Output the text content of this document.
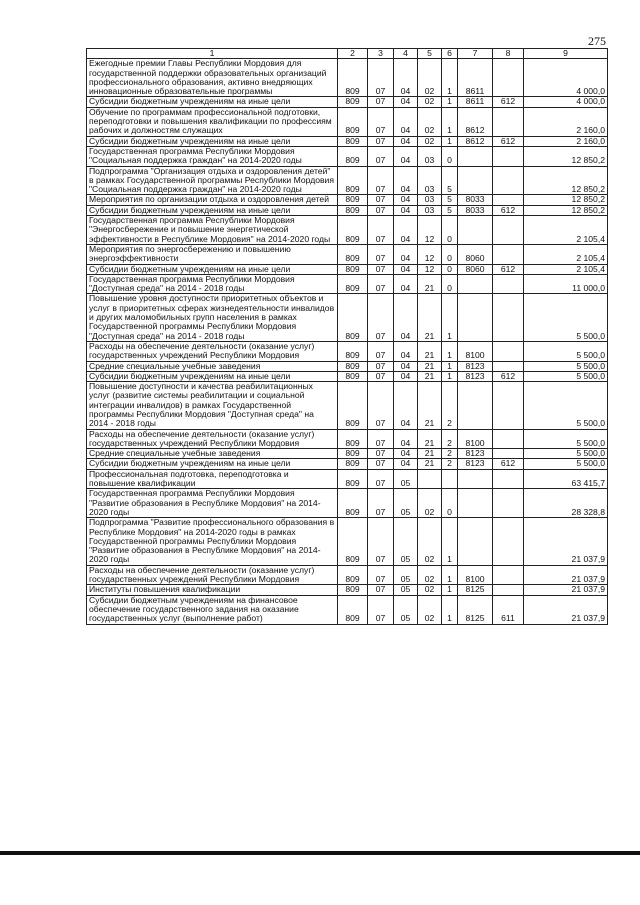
275
1	2	3	4	5	6	7	8	9
Ежегодные премии Главы Республики Мордовия для государственной поддержки образовательных организаций профессионального образования, активно внедряющих инновационные образовательные программы	809	07	04	02	1	8611		4 000,0
Субсидии бюджетным учреждениям на иные цели	809	07	04	02	1	8611	612	4 000,0
Обучение по программам профессиональной подготовки, переподготовки и повышения квалификации по профессиям рабочих и должностям служащих	809	07	04	02	1	8612		2 160,0
Субсидии бюджетным учреждениям на иные цели	809	07	04	02	1	8612	612	2 160,0
Государственная программа Республики Мордовия "Социальная поддержка граждан" на 2014-2020 годы	809	07	04	03	0			12 850,2
Подпрограмма "Организация отдыха и оздоровления детей" в рамках Государственной программы Республики Мордовия "Социальная поддержка граждан" на 2014-2020 годы	809	07	04	03	5			12 850,2
Мероприятия по организации отдыха и оздоровления детей	809	07	04	03	5	8033		12 850,2
Субсидии бюджетным учреждениям на иные цели	809	07	04	03	5	8033	612	12 850,2
Государственная программа Республики Мордовия "Энергосбережение и повышение энергетической эффективности в Республике Мордовия" на 2014-2020 годы	809	07	04	12	0			2 105,4
Мероприятия по энергосбережению и повышению энергоэффективности	809	07	04	12	0	8060		2 105,4
Субсидии бюджетным учреждениям на иные цели	809	07	04	12	0	8060	612	2 105,4
Государственная программа Республики Мордовия "Доступная среда" на 2014 - 2018 годы	809	07	04	21	0			11 000,0
Повышение уровня доступности приоритетных объектов и услуг в приоритетных сферах жизнедеятельности инвалидов и других маломобильных групп населения в рамках Государственной программы Республики Мордовия "Доступная среда" на 2014 - 2018 годы	809	07	04	21	1			5 500,0
Расходы на обеспечение деятельности (оказание услуг) государственных учреждений Республики Мордовия	809	07	04	21	1	8100		5 500,0
Средние специальные учебные заведения	809	07	04	21	1	8123		5 500,0
Субсидии бюджетным учреждениям на иные цели	809	07	04	21	1	8123	612	5 500,0
Повышение доступности и качества реабилитационных услуг (развитие системы реабилитации и социальной интеграции инвалидов) в рамках Государственной программы Республики Мордовия "Доступная среда" на 2014 - 2018 годы	809	07	04	21	2			5 500,0
Расходы на обеспечение деятельности (оказание услуг) государственных учреждений Республики Мордовия	809	07	04	21	2	8100		5 500,0
Средние специальные учебные заведения	809	07	04	21	2	8123		5 500,0
Субсидии бюджетным учреждениям на иные цели	809	07	04	21	2	8123	612	5 500,0
Профессиональная подготовка, переподготовка и повышение квалификации	809	07	05					63 415,7
Государственная программа Республики Мордовия "Развитие образования в Республике Мордовия" на 2014-2020 годы	809	07	05	02	0			28 328,8
Подпрограмма "Развитие профессионального образования в Республике Мордовия" на 2014-2020 годы в рамках Государственной программы Республики Мордовия "Развитие образования в Республике Мордовия" на 2014-2020 годы	809	07	05	02	1			21 037,9
Расходы на обеспечение деятельности (оказание услуг) государственных учреждений Республики Мордовия	809	07	05	02	1	8100		21 037,9
Институты повышения квалификации	809	07	05	02	1	8125		21 037,9
Субсидии бюджетным учреждениям на финансовое обеспечение государственного задания на оказание государственных услуг (выполнение работ)	809	07	05	02	1	8125	611	21 037,9
